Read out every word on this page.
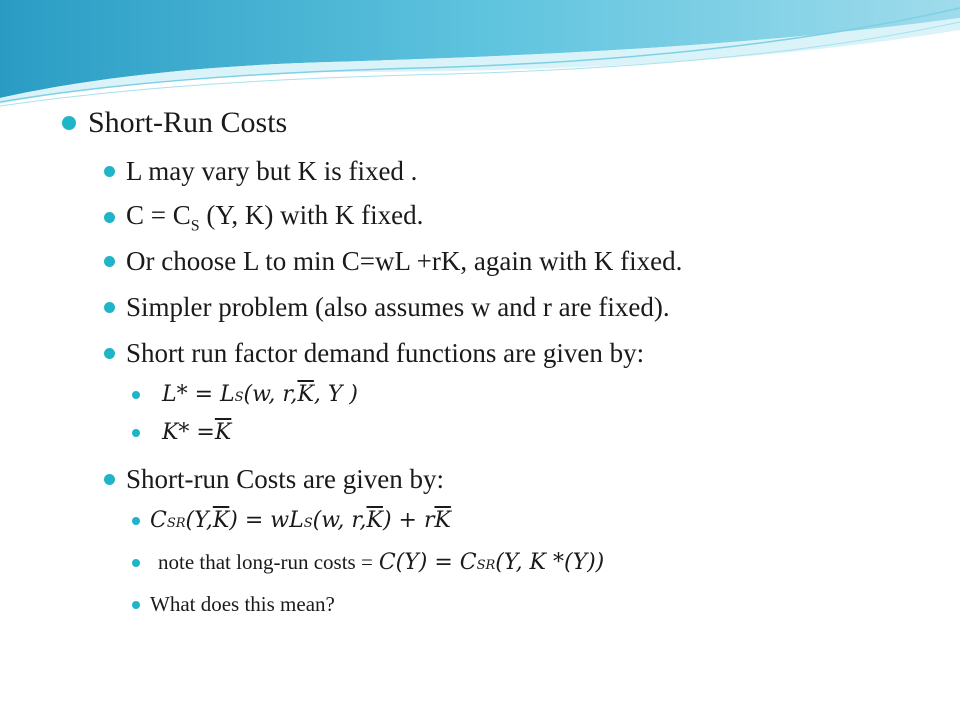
Short-Run Costs
L may vary but K is fixed .
$C = C_S$ (Y, K) with K fixed.
Or choose L to min C=wL +rK, again with K fixed.
Simpler problem (also assumes w and r are fixed).
Short run factor demand functions are given by:
L* = L S (w, r, $\overline{K}$ , Y )
$K* = \overline{K}$
Short-run Costs are given by:
C SR (Y, $\overline{K}$ ) = wL S (w, r, $\overline{K}$ ) + r $\overline{K}$
note that long-run costs = C(Y) = C SR (Y, K *(Y))
What does this mean?
